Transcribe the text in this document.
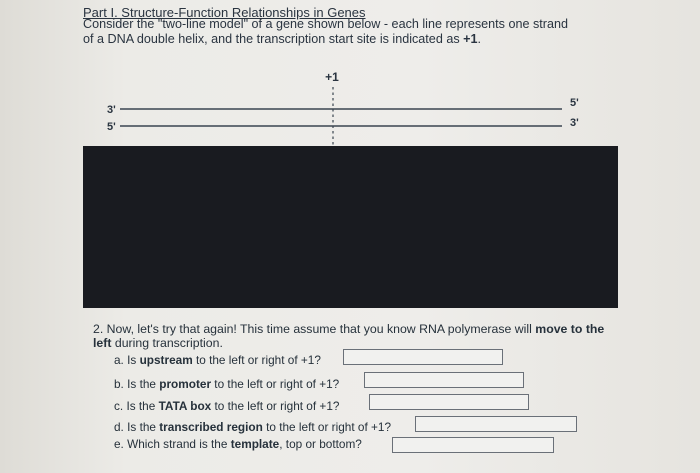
Part I. Structure-Function Relationships in Genes
Consider the "two-line model" of a gene shown below - each line represents one strand
of a DNA double helix, and the transcription start site is indicated as +1.
+1
3'
5'
5'
3'
2. Now, let's try that again! This time assume that you know RNA polymerase will move to the left during transcription.
a. Is upstream to the left or right of +1?
b. Is the promoter to the left or right of +1?
c. Is the TATA box to the left or right of +1?
d. Is the transcribed region to the left or right of +1?
e. Which strand is the template, top or bottom?
